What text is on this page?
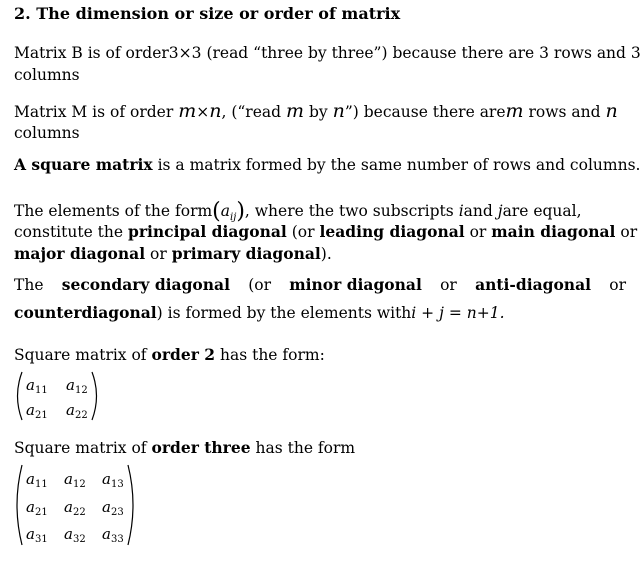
2. The dimension or size or order of matrix
Matrix B is of order3×3 (read “three by three”) because there are 3 rows and 3
columns
Matrix M is of order m×n, (“read m by n”) because there arem rows and n
columns
A square matrix is a matrix formed by the same number of rows and columns.
The elements of the $form(a_{ij})$, where the two subscripts iand jare equal,
constitute the principal diagonal (or leading diagonal or main diagonal or
major diagonal or primary diagonal).
The secondary diagonal (or minor diagonal or anti-diagonal or
counterdiagonal) is formed by the elements withi + j = n+1.
Square matrix of order 2 has the form:
$a_{11}$ $a_{12}$
$a_{21}$ $a_{22}$
Square matrix of order three has the form
$a_{11}$ $a_{12}$ $a_{13}$
$a_{21}$ $a_{22}$ $a_{23}$
$a_{31}$ $a_{32}$ $a_{33}$
